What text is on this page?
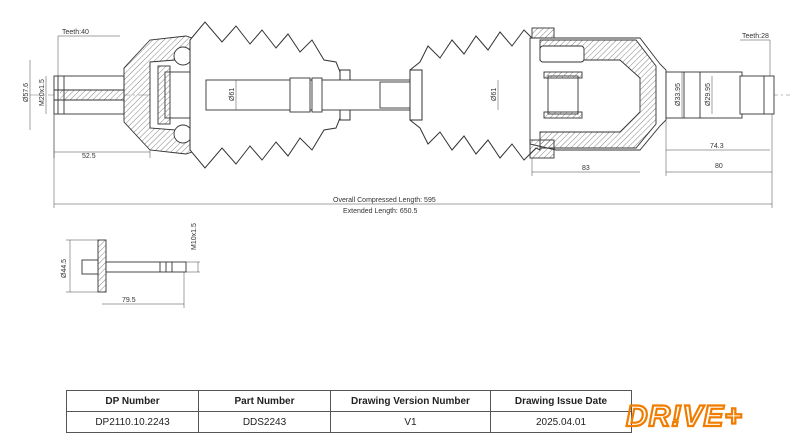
Teeth:40
Teeth:28
M20x1.5
Ø57.6
52.5
Ø61	Ø61	Ø33.95	Ø29.95
74.3
80
83
Overall Compressed Length: 595
Extended Length: 650.5
Ø44.5
M10x1.5
79.5
DP Number	Part Number	Drawing Version Number	Drawing Issue Date
DP2110.10.2243	DDS2243	V1	2025.04.01 DR!VE+
